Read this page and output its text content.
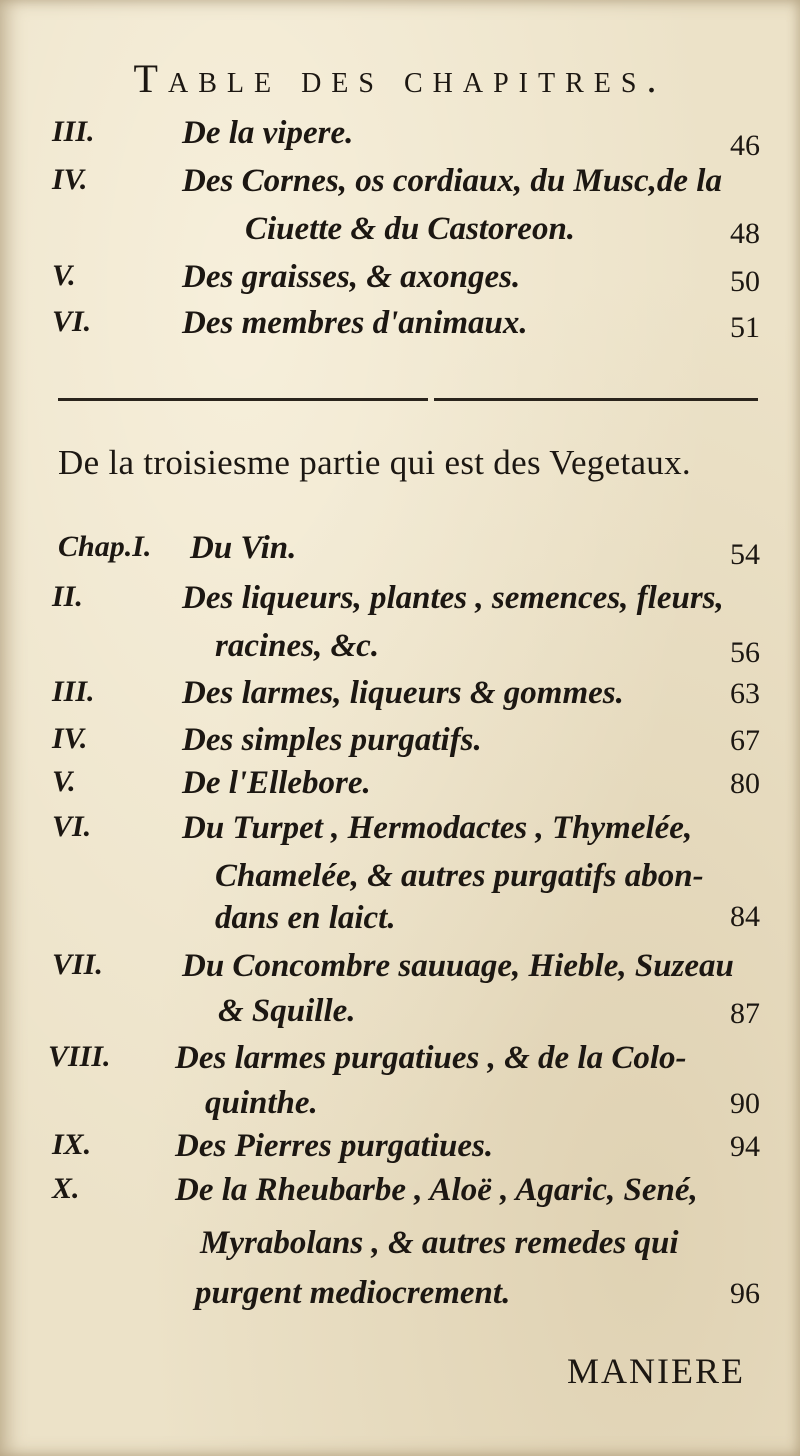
Table des chapitres.
III.	De la vipere.	46
IV.	Des Cornes, os cordiaux, du Musc,de la
Ciuette & du Castoreon.	48
V.	Des graisses, & axonges.	50
VI.	Des membres d'animaux.	51
De la troisiesme partie qui est des Vegetaux.
Chap.I. Du Vin.	54
II.	Des liqueurs, plantes , semences, fleurs,
racines, &c.	56
III.	Des larmes, liqueurs & gommes.	63
IV.	Des simples purgatifs.	67
V.	De l'Ellebore.	80
VI.	Du Turpet , Hermodactes , Thymelée,
Chamelée, & autres purgatifs abon-
dans en laict.	84
VII. Du Concombre sauuage, Hieble, Suzeau
& Squille.	87
VIII. Des larmes purgatiues , & de la Colo-
quinthe.	90
IX.	Des Pierres purgatiues.	94
X.	De la Rheubarbe , Aloë , Agaric, Sené,
Myrabolans , & autres remedes qui
purgent mediocrement.	96
MANIERE
